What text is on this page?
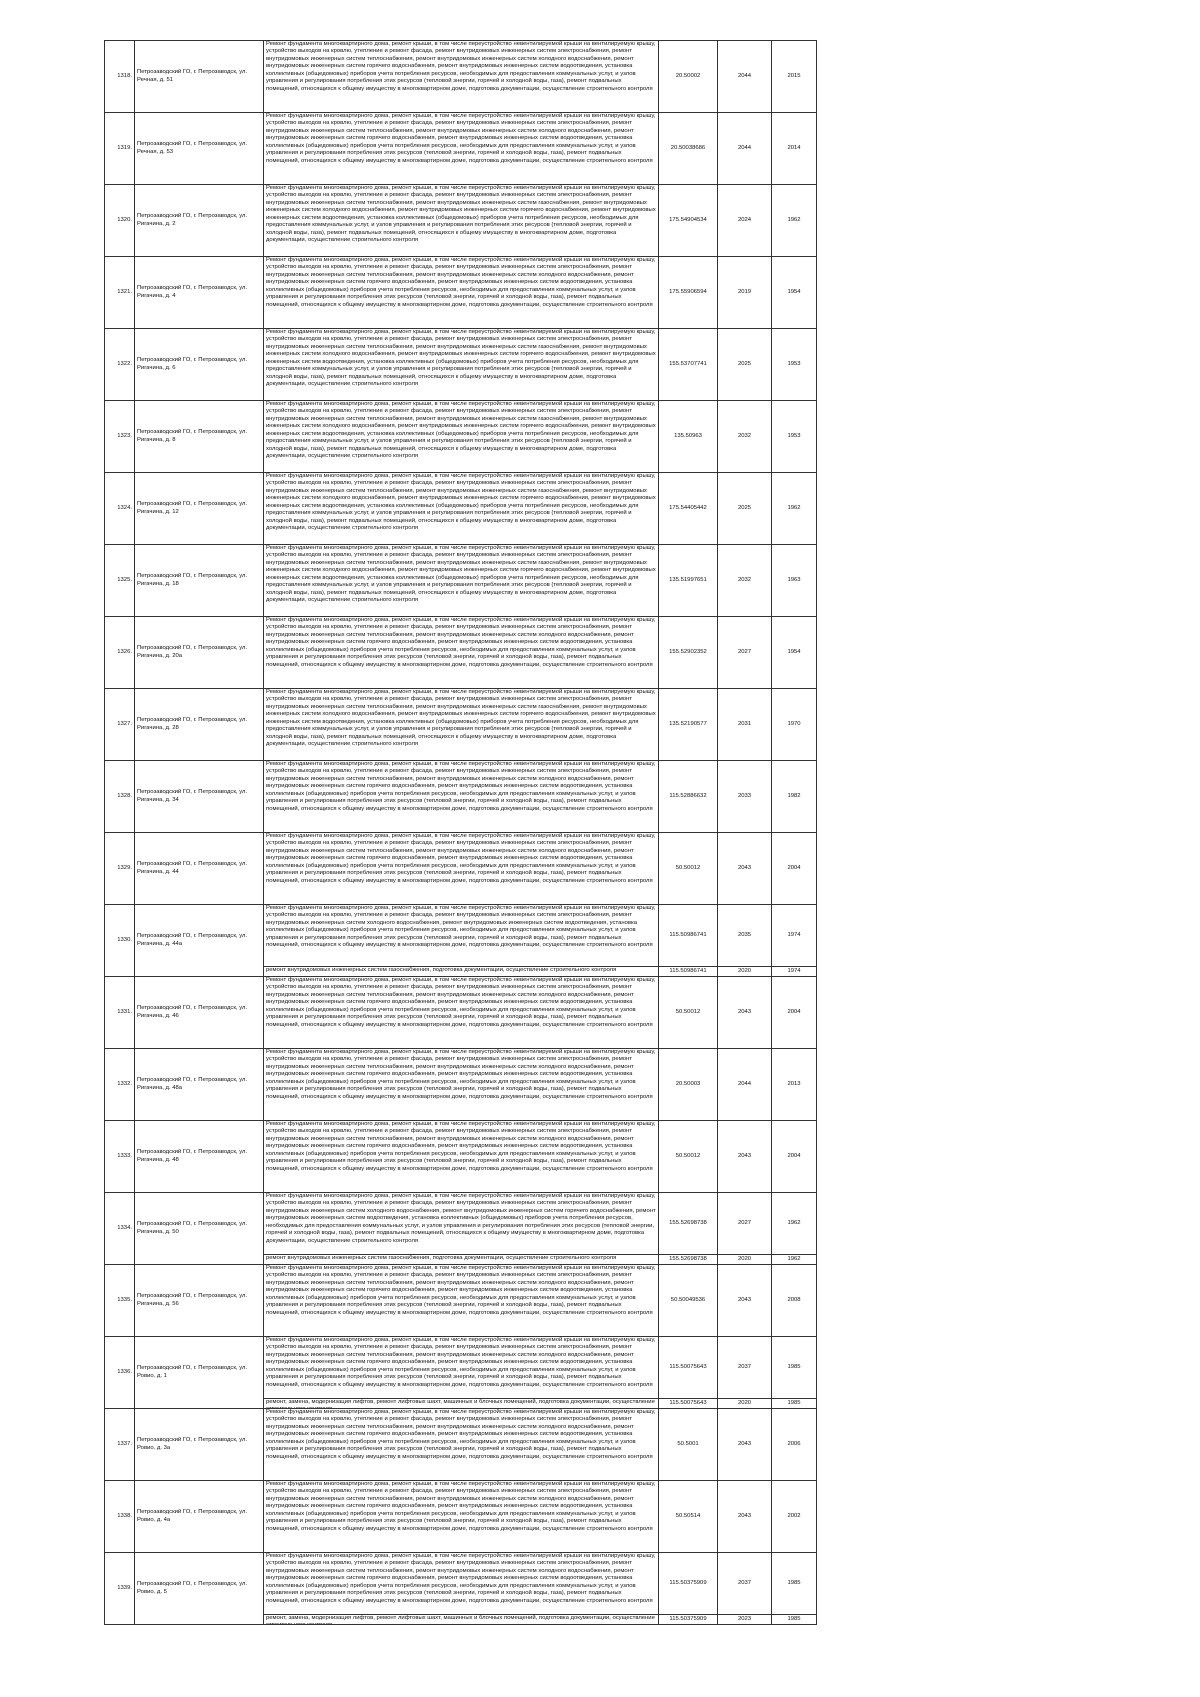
1318.	Петрозаводский ГО, г. Петрозаводск, ул. Речная, д. 51	Ремонт фундамента многоквартирного дома, ремонт крыши, в том числе переустройство невентилируемой крыши на вентилируемую крышу, устройство выходов на кровлю, утепление и ремонт фасада, ремонт внутридомовых инженерных систем электроснабжения, ремонт внутридомовых инженерных систем теплоснабжения, ремонт внутридомовых инженерных систем холодного водоснабжения, ремонт внутридомовых инженерных систем горячего водоснабжения, ремонт внутридомовых инженерных систем водоотведения, установка коллективных (общедомовых) приборов учета потребления ресурсов, необходимых для предоставления коммунальных услуг, и узлов управления и регулирования потребления этих ресурсов (тепловой энергии, горячей и холодной воды, газа), ремонт подвальных помещений, относящихся к общему имуществу в многоквартирном доме, подготовка документации, осуществление строительного контроля	20.50002	2044	2015
1319.	Петрозаводский ГО, г. Петрозаводск, ул. Речная, д. 53	Ремонт фундамента многоквартирного дома, ремонт крыши, в том числе переустройство невентилируемой крыши на вентилируемую крышу, устройство выходов на кровлю, утепление и ремонт фасада, ремонт внутридомовых инженерных систем электроснабжения, ремонт внутридомовых инженерных систем теплоснабжения, ремонт внутридомовых инженерных систем холодного водоснабжения, ремонт внутридомовых инженерных систем горячего водоснабжения, ремонт внутридомовых инженерных систем водоотведения, установка коллективных (общедомовых) приборов учета потребления ресурсов, необходимых для предоставления коммунальных услуг, и узлов управления и регулирования потребления этих ресурсов (тепловой энергии, горячей и холодной воды, газа), ремонт подвальных помещений, относящихся к общему имуществу в многоквартирном доме, подготовка документации, осуществление строительного контроля	20.50038686	2044	2014
1320.	Петрозаводский ГО, г. Петрозаводск, ул. Ригачина, д. 2	Ремонт фундамента многоквартирного дома, ремонт крыши, в том числе переустройство невентилируемой крыши на вентилируемую крышу, устройство выходов на кровлю, утепление и ремонт фасада, ремонт внутридомовых инженерных систем электроснабжения, ремонт внутридомовых инженерных систем теплоснабжения, ремонт внутридомовых инженерных систем газоснабжения, ремонт внутридомовых инженерных систем холодного водоснабжения, ремонт внутридомовых инженерных систем горячего водоснабжения, ремонт внутридомовых инженерных систем водоотведения, установка коллективных (общедомовых) приборов учета потребления ресурсов, необходимых для предоставления коммунальных услуг, и узлов управления и регулирования потребления этих ресурсов (тепловой энергии, горячей и холодной воды, газа), ремонт подвальных помещений, относящихся к общему имуществу в многоквартирном доме, подготовка документации, осуществление строительного контроля	175.54904534	2024	1962
1321.	Петрозаводский ГО, г. Петрозаводск, ул. Ригачина, д. 4	Ремонт фундамента многоквартирного дома, ремонт крыши, в том числе переустройство невентилируемой крыши на вентилируемую крышу, устройство выходов на кровлю, утепление и ремонт фасада, ремонт внутридомовых инженерных систем электроснабжения, ремонт внутридомовых инженерных систем теплоснабжения, ремонт внутридомовых инженерных систем холодного водоснабжения, ремонт внутридомовых инженерных систем горячего водоснабжения, ремонт внутридомовых инженерных систем водоотведения, установка коллективных (общедомовых) приборов учета потребления ресурсов, необходимых для предоставления коммунальных услуг, и узлов управления и регулирования потребления этих ресурсов (тепловой энергии, горячей и холодной воды, газа), ремонт подвальных помещений, относящихся к общему имуществу в многоквартирном доме, подготовка документации, осуществление строительного контроля	175.55906594	2019	1954
1322.	Петрозаводский ГО, г. Петрозаводск, ул. Ригачина, д. 6	Ремонт фундамента многоквартирного дома, ремонт крыши, в том числе переустройство невентилируемой крыши на вентилируемую крышу, устройство выходов на кровлю, утепление и ремонт фасада, ремонт внутридомовых инженерных систем электроснабжения, ремонт внутридомовых инженерных систем теплоснабжения, ремонт внутридомовых инженерных систем газоснабжения, ремонт внутридомовых инженерных систем холодного водоснабжения, ремонт внутридомовых инженерных систем горячего водоснабжения, ремонт внутридомовых инженерных систем водоотведения, установка коллективных (общедомовых) приборов учета потребления ресурсов, необходимых для предоставления коммунальных услуг, и узлов управления и регулирования потребления этих ресурсов (тепловой энергии, горячей и холодной воды, газа), ремонт подвальных помещений, относящихся к общему имуществу в многоквартирном доме, подготовка документации, осуществление строительного контроля	155.53707741	2025	1953
1323.	Петрозаводский ГО, г. Петрозаводск, ул. Ригачина, д. 8	Ремонт фундамента многоквартирного дома, ремонт крыши, в том числе переустройство невентилируемой крыши на вентилируемую крышу, устройство выходов на кровлю, утепление и ремонт фасада, ремонт внутридомовых инженерных систем электроснабжения, ремонт внутридомовых инженерных систем теплоснабжения, ремонт внутридомовых инженерных систем газоснабжения, ремонт внутридомовых инженерных систем холодного водоснабжения, ремонт внутридомовых инженерных систем горячего водоснабжения, ремонт внутридомовых инженерных систем водоотведения, установка коллективных (общедомовых) приборов учета потребления ресурсов, необходимых для предоставления коммунальных услуг, и узлов управления и регулирования потребления этих ресурсов (тепловой энергии, горячей и холодной воды, газа), ремонт подвальных помещений, относящихся к общему имуществу в многоквартирном доме, подготовка документации, осуществление строительного контроля	135.50963	2032	1953
1324.	Петрозаводский ГО, г. Петрозаводск, ул. Ригачина, д. 12	Ремонт фундамента многоквартирного дома, ремонт крыши, в том числе переустройство невентилируемой крыши на вентилируемую крышу, устройство выходов на кровлю, утепление и ремонт фасада, ремонт внутридомовых инженерных систем электроснабжения, ремонт внутридомовых инженерных систем теплоснабжения, ремонт внутридомовых инженерных систем газоснабжения, ремонт внутридомовых инженерных систем холодного водоснабжения, ремонт внутридомовых инженерных систем горячего водоснабжения, ремонт внутридомовых инженерных систем водоотведения, установка коллективных (общедомовых) приборов учета потребления ресурсов, необходимых для предоставления коммунальных услуг, и узлов управления и регулирования потребления этих ресурсов (тепловой энергии, горячей и холодной воды, газа), ремонт подвальных помещений, относящихся к общему имуществу в многоквартирном доме, подготовка документации, осуществление строительного контроля	175.54405442	2025	1962
1325.	Петрозаводский ГО, г. Петрозаводск, ул. Ригачина, д. 18	Ремонт фундамента многоквартирного дома, ремонт крыши, в том числе переустройство невентилируемой крыши на вентилируемую крышу, устройство выходов на кровлю, утепление и ремонт фасада, ремонт внутридомовых инженерных систем электроснабжения, ремонт внутридомовых инженерных систем теплоснабжения, ремонт внутридомовых инженерных систем газоснабжения, ремонт внутридомовых инженерных систем холодного водоснабжения, ремонт внутридомовых инженерных систем горячего водоснабжения, ремонт внутридомовых инженерных систем водоотведения, установка коллективных (общедомовых) приборов учета потребления ресурсов, необходимых для предоставления коммунальных услуг, и узлов управления и регулирования потребления этих ресурсов (тепловой энергии, горячей и холодной воды, газа), ремонт подвальных помещений, относящихся к общему имуществу в многоквартирном доме, подготовка документации, осуществление строительного контроля	135.51997651	2032	1963
1326.	Петрозаводский ГО, г. Петрозаводск, ул. Ригачина, д. 20а	Ремонт фундамента многоквартирного дома, ремонт крыши, в том числе переустройство невентилируемой крыши на вентилируемую крышу, устройство выходов на кровлю, утепление и ремонт фасада, ремонт внутридомовых инженерных систем электроснабжения, ремонт внутридомовых инженерных систем теплоснабжения, ремонт внутридомовых инженерных систем холодного водоснабжения, ремонт внутридомовых инженерных систем горячего водоснабжения, ремонт внутридомовых инженерных систем водоотведения, установка коллективных (общедомовых) приборов учета потребления ресурсов, необходимых для предоставления коммунальных услуг, и узлов управления и регулирования потребления этих ресурсов (тепловой энергии, горячей и холодной воды, газа), ремонт подвальных помещений, относящихся к общему имуществу в многоквартирном доме, подготовка документации, осуществление строительного контроля	155.52902352	2027	1954
1327.	Петрозаводский ГО, г. Петрозаводск, ул. Ригачина, д. 28	Ремонт фундамента многоквартирного дома, ремонт крыши, в том числе переустройство невентилируемой крыши на вентилируемую крышу, устройство выходов на кровлю, утепление и ремонт фасада, ремонт внутридомовых инженерных систем электроснабжения, ремонт внутридомовых инженерных систем теплоснабжения, ремонт внутридомовых инженерных систем газоснабжения, ремонт внутридомовых инженерных систем холодного водоснабжения, ремонт внутридомовых инженерных систем горячего водоснабжения, ремонт внутридомовых инженерных систем водоотведения, установка коллективных (общедомовых) приборов учета потребления ресурсов, необходимых для предоставления коммунальных услуг, и узлов управления и регулирования потребления этих ресурсов (тепловой энергии, горячей и холодной воды, газа), ремонт подвальных помещений, относящихся к общему имуществу в многоквартирном доме, подготовка документации, осуществление строительного контроля	135.52190577	2031	1970
1328.	Петрозаводский ГО, г. Петрозаводск, ул. Ригачина, д. 34	Ремонт фундамента многоквартирного дома, ремонт крыши, в том числе переустройство невентилируемой крыши на вентилируемую крышу, устройство выходов на кровлю, утепление и ремонт фасада, ремонт внутридомовых инженерных систем электроснабжения, ремонт внутридомовых инженерных систем теплоснабжения, ремонт внутридомовых инженерных систем холодного водоснабжения, ремонт внутридомовых инженерных систем горячего водоснабжения, ремонт внутридомовых инженерных систем водоотведения, установка коллективных (общедомовых) приборов учета потребления ресурсов, необходимых для предоставления коммунальных услуг, и узлов управления и регулирования потребления этих ресурсов (тепловой энергии, горячей и холодной воды, газа), ремонт подвальных помещений, относящихся к общему имуществу в многоквартирном доме, подготовка документации, осуществление строительного контроля	115.52886632	2033	1982
1329.	Петрозаводский ГО, г. Петрозаводск, ул. Ригачина, д. 44	Ремонт фундамента многоквартирного дома, ремонт крыши, в том числе переустройство невентилируемой крыши на вентилируемую крышу, устройство выходов на кровлю, утепление и ремонт фасада, ремонт внутридомовых инженерных систем электроснабжения, ремонт внутридомовых инженерных систем теплоснабжения, ремонт внутридомовых инженерных систем холодного водоснабжения, ремонт внутридомовых инженерных систем горячего водоснабжения, ремонт внутридомовых инженерных систем водоотведения, установка коллективных (общедомовых) приборов учета потребления ресурсов, необходимых для предоставления коммунальных услуг, и узлов управления и регулирования потребления этих ресурсов (тепловой энергии, горячей и холодной воды, газа), ремонт подвальных помещений, относящихся к общему имуществу в многоквартирном доме, подготовка документации, осуществление строительного контроля	50.50012	2043	2004
1330.	Петрозаводский ГО, г. Петрозаводск, ул. Ригачина, д. 44а	Ремонт фундамента многоквартирного дома, ремонт крыши, в том числе переустройство невентилируемой крыши на вентилируемую крышу, устройство выходов на кровлю, утепление и ремонт фасада, ремонт внутридомовых инженерных систем электроснабжения, ремонт внутридомовых инженерных систем холодного водоснабжения, ремонт внутридомовых инженерных систем водоотведения, установка коллективных (общедомовых) приборов учета потребления ресурсов, необходимых для предоставления коммунальных услуг, и узлов управления и регулирования потребления этих ресурсов (тепловой энергии, горячей и холодной воды, газа), ремонт подвальных помещений, относящихся к общему имуществу в многоквартирном доме, подготовка документации, осуществление строительного контроля	115.50986741	2035	1974

		ремонт внутридомовых инженерных систем газоснабжения, подготовка документации, осуществление строительного контроля	115.50986741	2020	1974
1331.	Петрозаводский ГО, г. Петрозаводск, ул. Ригачина, д. 46	Ремонт фундамента многоквартирного дома, ремонт крыши, в том числе переустройство невентилируемой крыши на вентилируемую крышу, устройство выходов на кровлю, утепление и ремонт фасада, ремонт внутридомовых инженерных систем электроснабжения, ремонт внутридомовых инженерных систем теплоснабжения, ремонт внутридомовых инженерных систем холодного водоснабжения, ремонт внутридомовых инженерных систем горячего водоснабжения, ремонт внутридомовых инженерных систем водоотведения, установка коллективных (общедомовых) приборов учета потребления ресурсов, необходимых для предоставления коммунальных услуг, и узлов управления и регулирования потребления этих ресурсов (тепловой энергии, горячей и холодной воды, газа), ремонт подвальных помещений, относящихся к общему имуществу в многоквартирном доме, подготовка документации, осуществление строительного контроля	50.50012	2043	2004
1332.	Петрозаводский ГО, г. Петрозаводск, ул. Ригачина, д. 48а	Ремонт фундамента многоквартирного дома, ремонт крыши, в том числе переустройство невентилируемой крыши на вентилируемую крышу, устройство выходов на кровлю, утепление и ремонт фасада, ремонт внутридомовых инженерных систем электроснабжения, ремонт внутридомовых инженерных систем теплоснабжения, ремонт внутридомовых инженерных систем холодного водоснабжения, ремонт внутридомовых инженерных систем горячего водоснабжения, ремонт внутридомовых инженерных систем водоотведения, установка коллективных (общедомовых) приборов учета потребления ресурсов, необходимых для предоставления коммунальных услуг, и узлов управления и регулирования потребления этих ресурсов (тепловой энергии, горячей и холодной воды, газа), ремонт подвальных помещений, относящихся к общему имуществу в многоквартирном доме, подготовка документации, осуществление строительного контроля	20.50003	2044	2013
1333.	Петрозаводский ГО, г. Петрозаводск, ул. Ригачина, д. 48	Ремонт фундамента многоквартирного дома, ремонт крыши, в том числе переустройство невентилируемой крыши на вентилируемую крышу, устройство выходов на кровлю, утепление и ремонт фасада, ремонт внутридомовых инженерных систем электроснабжения, ремонт внутридомовых инженерных систем теплоснабжения, ремонт внутридомовых инженерных систем холодного водоснабжения, ремонт внутридомовых инженерных систем горячего водоснабжения, ремонт внутридомовых инженерных систем водоотведения, установка коллективных (общедомовых) приборов учета потребления ресурсов, необходимых для предоставления коммунальных услуг, и узлов управления и регулирования потребления этих ресурсов (тепловой энергии, горячей и холодной воды, газа), ремонт подвальных помещений, относящихся к общему имуществу в многоквартирном доме, подготовка документации, осуществление строительного контроля	50.50012	2043	2004
1334.	Петрозаводский ГО, г. Петрозаводск, ул. Ригачина, д. 50	Ремонт фундамента многоквартирного дома, ремонт крыши, в том числе переустройство невентилируемой крыши на вентилируемую крышу, устройство выходов на кровлю, утепление и ремонт фасада, ремонт внутридомовых инженерных систем электроснабжения, ремонт внутридомовых инженерных систем холодного водоснабжения, ремонт внутридомовых инженерных систем горячего водоснабжения, ремонт внутридомовых инженерных систем водоотведения, установка коллективных (общедомовых) приборов учета потребления ресурсов, необходимых для предоставления коммунальных услуг, и узлов управления и регулирования потребления этих ресурсов (тепловой энергии, горячей и холодной воды, газа), ремонт подвальных помещений, относящихся к общему имуществу в многоквартирном доме, подготовка документации, осуществление строительного контроля	155.52698738	2027	1962

		ремонт внутридомовых инженерных систем газоснабжения, подготовка документации, осуществление строительного контроля	155.52698738	2020	1962
1335.	Петрозаводский ГО, г. Петрозаводск, ул. Ригачина, д. 56	Ремонт фундамента многоквартирного дома, ремонт крыши, в том числе переустройство невентилируемой крыши на вентилируемую крышу, устройство выходов на кровлю, утепление и ремонт фасада, ремонт внутридомовых инженерных систем электроснабжения, ремонт внутридомовых инженерных систем теплоснабжения, ремонт внутридомовых инженерных систем холодного водоснабжения, ремонт внутридомовых инженерных систем горячего водоснабжения, ремонт внутридомовых инженерных систем водоотведения, установка коллективных (общедомовых) приборов учета потребления ресурсов, необходимых для предоставления коммунальных услуг, и узлов управления и регулирования потребления этих ресурсов (тепловой энергии, горячей и холодной воды, газа), ремонт подвальных помещений, относящихся к общему имуществу в многоквартирном доме, подготовка документации, осуществление строительного контроля	50.50049536	2043	2008
1336.	Петрозаводский ГО, г. Петрозаводск, ул. Ровио, д. 1	Ремонт фундамента многоквартирного дома, ремонт крыши, в том числе переустройство невентилируемой крыши на вентилируемую крышу, устройство выходов на кровлю, утепление и ремонт фасада, ремонт внутридомовых инженерных систем электроснабжения, ремонт внутридомовых инженерных систем теплоснабжения, ремонт внутридомовых инженерных систем холодного водоснабжения, ремонт внутридомовых инженерных систем горячего водоснабжения, ремонт внутридомовых инженерных систем водоотведения, установка коллективных (общедомовых) приборов учета потребления ресурсов, необходимых для предоставления коммунальных услуг, и узлов управления и регулирования потребления этих ресурсов (тепловой энергии, горячей и холодной воды, газа), ремонт подвальных помещений, относящихся к общему имуществу в многоквартирном доме, подготовка документации, осуществление строительного контроля	115.50075643	2037	1985

		ремонт, замена, модернизация лифтов, ремонт лифтовых шахт, машинных и блочных помещений, подготовка документации, осуществление	115.50075643	2020	1985
1337.	Петрозаводский ГО, г. Петрозаводск, ул. Ровио, д. 3а	Ремонт фундамента многоквартирного дома, ремонт крыши, в том числе переустройство невентилируемой крыши на вентилируемую крышу, устройство выходов на кровлю, утепление и ремонт фасада, ремонт внутридомовых инженерных систем электроснабжения, ремонт внутридомовых инженерных систем теплоснабжения, ремонт внутридомовых инженерных систем холодного водоснабжения, ремонт внутридомовых инженерных систем горячего водоснабжения, ремонт внутридомовых инженерных систем водоотведения, установка коллективных (общедомовых) приборов учета потребления ресурсов, необходимых для предоставления коммунальных услуг, и узлов управления и регулирования потребления этих ресурсов (тепловой энергии, горячей и холодной воды, газа), ремонт подвальных помещений, относящихся к общему имуществу в многоквартирном доме, подготовка документации, осуществление строительного контроля	50.5001	2043	2006
1338.	Петрозаводский ГО, г. Петрозаводск, ул. Ровио, д. 4а	Ремонт фундамента многоквартирного дома, ремонт крыши, в том числе переустройство невентилируемой крыши на вентилируемую крышу, устройство выходов на кровлю, утепление и ремонт фасада, ремонт внутридомовых инженерных систем электроснабжения, ремонт внутридомовых инженерных систем теплоснабжения, ремонт внутридомовых инженерных систем холодного водоснабжения, ремонт внутридомовых инженерных систем горячего водоснабжения, ремонт внутридомовых инженерных систем водоотведения, установка коллективных (общедомовых) приборов учета потребления ресурсов, необходимых для предоставления коммунальных услуг, и узлов управления и регулирования потребления этих ресурсов (тепловой энергии, горячей и холодной воды, газа), ремонт подвальных помещений, относящихся к общему имуществу в многоквартирном доме, подготовка документации, осуществление строительного контроля	50.50514	2043	2002
1339.	Петрозаводский ГО, г. Петрозаводск, ул. Ровио, д. 5	Ремонт фундамента многоквартирного дома, ремонт крыши, в том числе переустройство невентилируемой крыши на вентилируемую крышу, устройство выходов на кровлю, утепление и ремонт фасада, ремонт внутридомовых инженерных систем электроснабжения, ремонт внутридомовых инженерных систем теплоснабжения, ремонт внутридомовых инженерных систем холодного водоснабжения, ремонт внутридомовых инженерных систем горячего водоснабжения, ремонт внутридомовых инженерных систем водоотведения, установка коллективных (общедомовых) приборов учета потребления ресурсов, необходимых для предоставления коммунальных услуг, и узлов управления и регулирования потребления этих ресурсов (тепловой энергии, горячей и холодной воды, газа), ремонт подвальных помещений, относящихся к общему имуществу в многоквартирном доме, подготовка документации, осуществление строительного контроля	115.50375909	2037	1985

		ремонт, замена, модернизация лифтов, ремонт лифтовых шахт, машинных и блочных помещений, подготовка документации, осуществление	115.50375909	2023	1985
